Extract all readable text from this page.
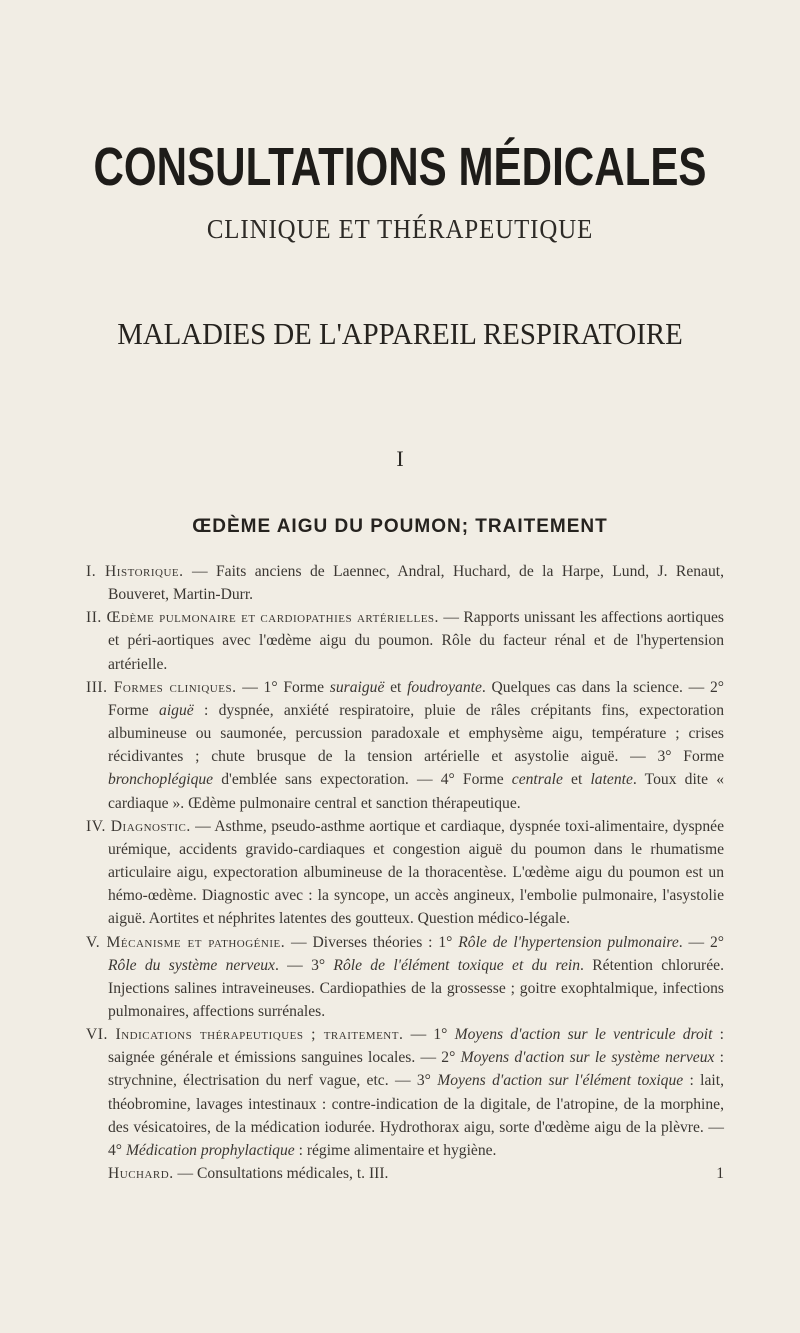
CONSULTATIONS MÉDICALES
CLINIQUE ET THÉRAPEUTIQUE
MALADIES DE L'APPAREIL RESPIRATOIRE
I
ŒDÈME AIGU DU POUMON; TRAITEMENT

I. Historique. — Faits anciens de Laennec, Andral, Huchard, de la Harpe, Lund, J. Renaut, Bouveret, Martin-Durr.

II. Œdème pulmonaire et cardiopathies artérielles. — Rapports unissant les affections aortiques et péri-aortiques avec l'œdème aigu du poumon. Rôle du facteur rénal et de l'hypertension artérielle.

III. Formes cliniques. — 1° Forme suraiguë et foudroyante. Quelques cas dans la science. — 2° Forme aiguë : dyspnée, anxiété respiratoire, pluie de râles crépitants fins, expectoration albumineuse ou saumonée, percussion paradoxale et emphysème aigu, température ; crises récidivantes ; chute brusque de la tension artérielle et asystolie aiguë. — 3° Forme bronchoplégique d'emblée sans expectoration. — 4° Forme centrale et latente. Toux dite « cardiaque ». Œdème pulmonaire central et sanction thérapeutique.

IV. Diagnostic. — Asthme, pseudo-asthme aortique et cardiaque, dyspnée toxi-alimentaire, dyspnée urémique, accidents gravido-cardiaques et congestion aiguë du poumon dans le rhumatisme articulaire aigu, expectoration albumineuse de la thoracentèse. L'œdème aigu du poumon est un hémo-œdème. Diagnostic avec : la syncope, un accès angineux, l'embolie pulmonaire, l'asystolie aiguë. Aortites et néphrites latentes des goutteux. Question médico-légale.

V. Mécanisme et pathogénie. — Diverses théories : 1° Rôle de l'hypertension pulmonaire. — 2° Rôle du système nerveux. — 3° Rôle de l'élément toxique et du rein. Rétention chlorurée. Injections salines intraveineuses. Cardiopathies de la grossesse ; goitre exophtalmique, infections pulmonaires, affections surrénales.

VI. Indications thérapeutiques ; traitement. — 1° Moyens d'action sur le ventricule droit : saignée générale et émissions sanguines locales. — 2° Moyens d'action sur le système nerveux : strychnine, électrisation du nerf vague, etc. — 3° Moyens d'action sur l'élément toxique : lait, théobromine, lavages intestinaux : contre-indication de la digitale, de l'atropine, de la morphine, des vésicatoires, de la médication iodurée. Hydrothorax aigu, sorte d'œdème aigu de la plèvre. — 4° Médication prophylactique : régime alimentaire et hygiène.

Huchard. — Consultations médicales, t. III.	1
